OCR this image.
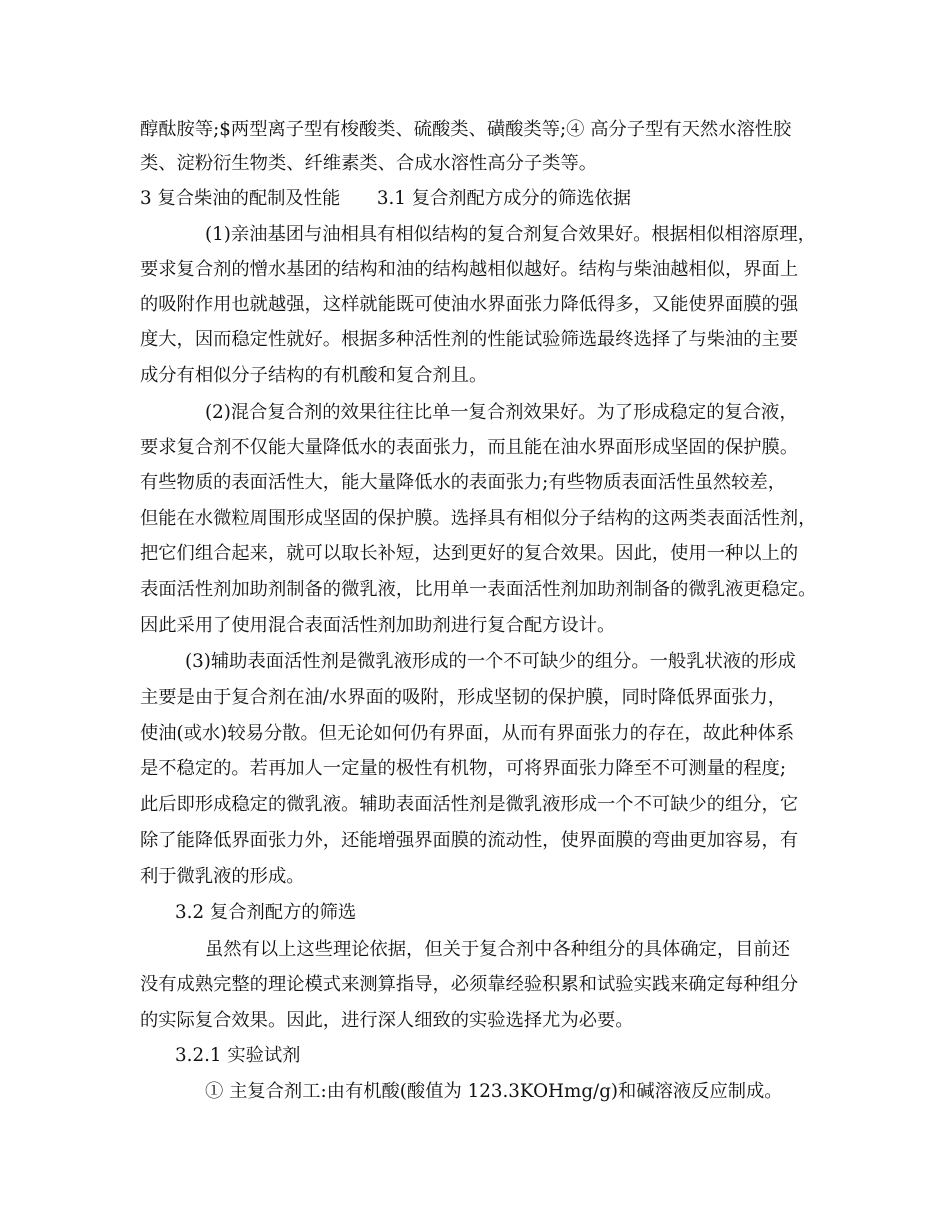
醇酞胺等;$两型离子型有梭酸类、硫酸类、磺酸类等;④ 高分子型有天然水溶性胶
类、淀粉衍生物类、纤维素类、合成水溶性高分子类等。
3 复合柴油的配制及性能　　3.1 复合剂配方成分的筛选依据
(1)亲油基团与油相具有相似结构的复合剂复合效果好。根据相似相溶原理，
要求复合剂的憎水基团的结构和油的结构越相似越好。结构与柴油越相似，界面上
的吸附作用也就越强，这样就能既可使油水界面张力降低得多，又能使界面膜的强
度大，因而稳定性就好。根据多种活性剂的性能试验筛选最终选择了与柴油的主要
成分有相似分子结构的有机酸和复合剂且。
(2)混合复合剂的效果往往比单一复合剂效果好。为了形成稳定的复合液，
要求复合剂不仅能大量降低水的表面张力，而且能在油水界面形成坚固的保护膜。
有些物质的表面活性大，能大量降低水的表面张力;有些物质表面活性虽然较差，
但能在水微粒周围形成坚固的保护膜。选择具有相似分子结构的这两类表面活性剂，
把它们组合起来，就可以取长补短，达到更好的复合效果。因此，使用一种以上的
表面活性剂加助剂制备的微乳液，比用单一表面活性剂加助剂制备的微乳液更稳定。
因此采用了使用混合表面活性剂加助剂进行复合配方设计。
(3)辅助表面活性剂是微乳液形成的一个不可缺少的组分。一般乳状液的形成
主要是由于复合剂在油/水界面的吸附，形成坚韧的保护膜，同时降低界面张力，
使油(或水)较易分散。但无论如何仍有界面，从而有界面张力的存在，故此种体系
是不稳定的。若再加人一定量的极性有机物，可将界面张力降至不可测量的程度;
此后即形成稳定的微乳液。辅助表面活性剂是微乳液形成一个不可缺少的组分，它
除了能降低界面张力外，还能增强界面膜的流动性，使界面膜的弯曲更加容易，有
利于微乳液的形成。
3.2 复合剂配方的筛选
虽然有以上这些理论依据，但关于复合剂中各种组分的具体确定，目前还
没有成熟完整的理论模式来测算指导，必须靠经验积累和试验实践来确定每种组分
的实际复合效果。因此，进行深人细致的实验选择尤为必要。
3.2.1 实验试剂
① 主复合剂工:由有机酸(酸值为 123.3KOHmg/g)和碱溶液反应制成。
